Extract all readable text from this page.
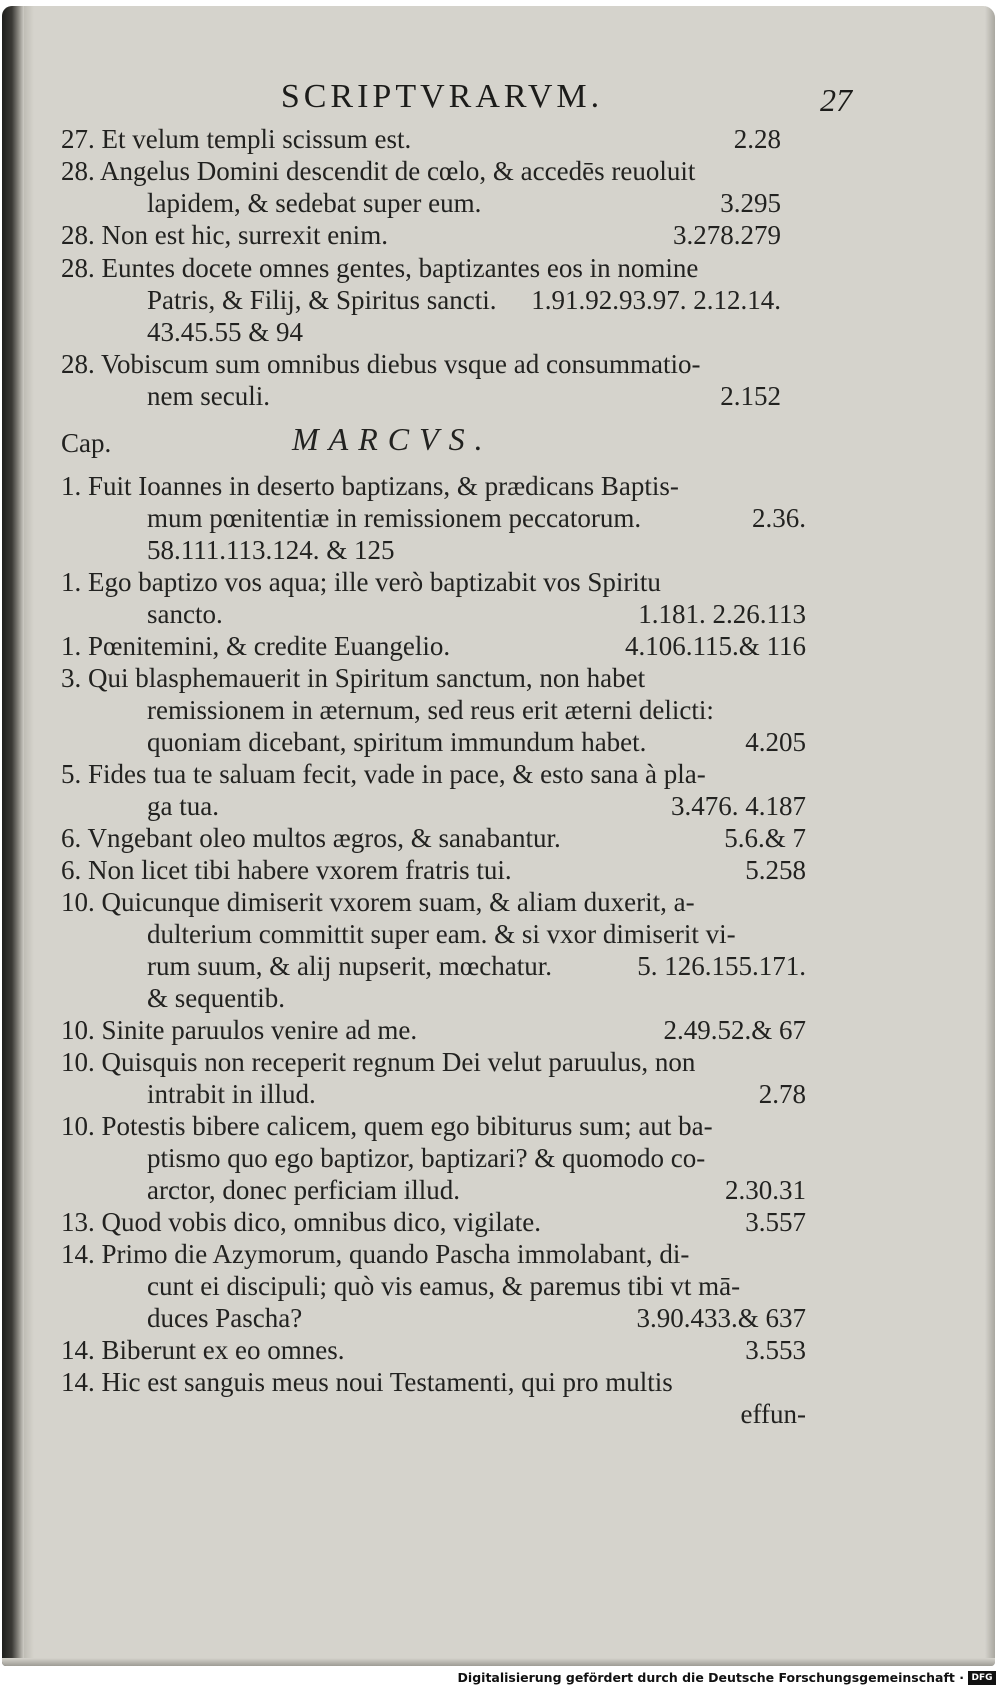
SCRIPTVRARVM.	27
27. Et velum templi scissum est.	2.28
28. Angelus Domini descendit de cœlo, & accedēs reuoluit
lapidem, & sedebat super eum.	3.295
28. Non est hic, surrexit enim.	3.278.279
28. Euntes docete omnes gentes, baptizantes eos in nomine
Patris, & Filij, & Spiritus sancti. 1.91.92.93.97. 2.12.14.
43.45.55 & 94
28. Vobiscum sum omnibus diebus vsque ad consummatio-
nem seculi.	2.152
Cap.	MARCVS.
1. Fuit Ioannes in deserto baptizans, & prædicans Baptis-
mum pœnitentiæ in remissionem peccatorum.	2.36.
58.111.113.124. & 125
1. Ego baptizo vos aqua; ille verò baptizabit vos Spiritu
sancto.	1.181. 2.26.113
1. Pœnitemini, & credite Euangelio.	4.106.115.& 116
3. Qui blasphemauerit in Spiritum sanctum, non habet
remissionem in æternum, sed reus erit æterni delicti:
quoniam dicebant, spiritum immundum habet.	4.205
5. Fides tua te saluam fecit, vade in pace, & esto sana à pla-
ga tua.	3.476. 4.187
6. Vngebant oleo multos ægros, & sanabantur.	5.6.& 7
6. Non licet tibi habere vxorem fratris tui.	5.258
10. Quicunque dimiserit vxorem suam, & aliam duxerit, a-
dulterium committit super eam. & si vxor dimiserit vi-
rum suum, & alij nupserit, mœchatur.	5. 126.155.171.
& sequentib.
10. Sinite paruulos venire ad me.	2.49.52.& 67
10. Quisquis non receperit regnum Dei velut paruulus, non
intrabit in illud.	2.78
10. Potestis bibere calicem, quem ego bibiturus sum; aut ba-
ptismo quo ego baptizor, baptizari? & quomodo co-
arctor, donec perficiam illud.	2.30.31
13. Quod vobis dico, omnibus dico, vigilate.	3.557
14. Primo die Azymorum, quando Pascha immolabant, di-
cunt ei discipuli; quò vis eamus, & paremus tibi vt mā-
duces Pascha?	3.90.433.& 637
14. Biberunt ex eo omnes.	3.553
14. Hic est sanguis meus noui Testamenti, qui pro multis
effun-
Digitalisierung gefördert durch die Deutsche Forschungsgemeinschaft · DFG
